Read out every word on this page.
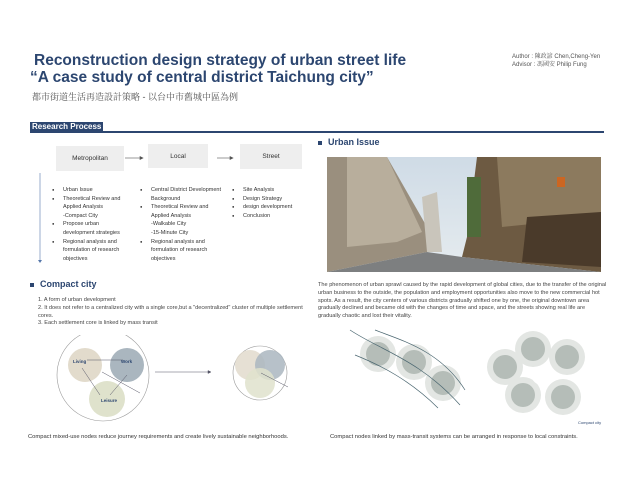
Reconstruction design strategy of urban street life
“A case study of central district Taichung city”
都市街道生活再造設計策略 - 以台中市舊城中區為例
Author : 陳政諺 Chen,Cheng-Yen
Advisor : 馮國安 Philip Fung
Research Process
Metropolitan	Local	Street
● Urban Issue
● Theoretical Review and Applied Analysis
-Compact City
● Propose urban development strategies
● Regional analysis and formulation of research objectives
● Central District Development Background
● Theoretical Review and Applied Analysis
-Walkable City
-15-Minute City
● Regional analysis and formulation of research objectives
● Site Analysis
● Design Strategy
● design development
● Conclusion
Urban Issue
The phenomenon of urban sprawl caused by the rapid development of global cities, due to the transfer of the original urban business to the outside, the population and employment opportunities also move to the new commercial hot spots. As a result, the city centers of various districts gradually shifted one by one, the original downtown area gradually declined and became old with the changes of time and space, and the streets showing real life are gradually chaotic and lost their vitality.
Compact city
1. A form of urban development
2. It does not refer to a centralized city with a single core,but a "decentralized" cluster of multiple settlement cores.
3. Each settlement core is linked by mass transit
Living	Work
Leisure
Compact mixed-use nodes reduce journey requirements and create lively sustainable neighborhoods.
Compact city
Compact nodes linked by mass-transit systems can be arranged in response to local constraints.
